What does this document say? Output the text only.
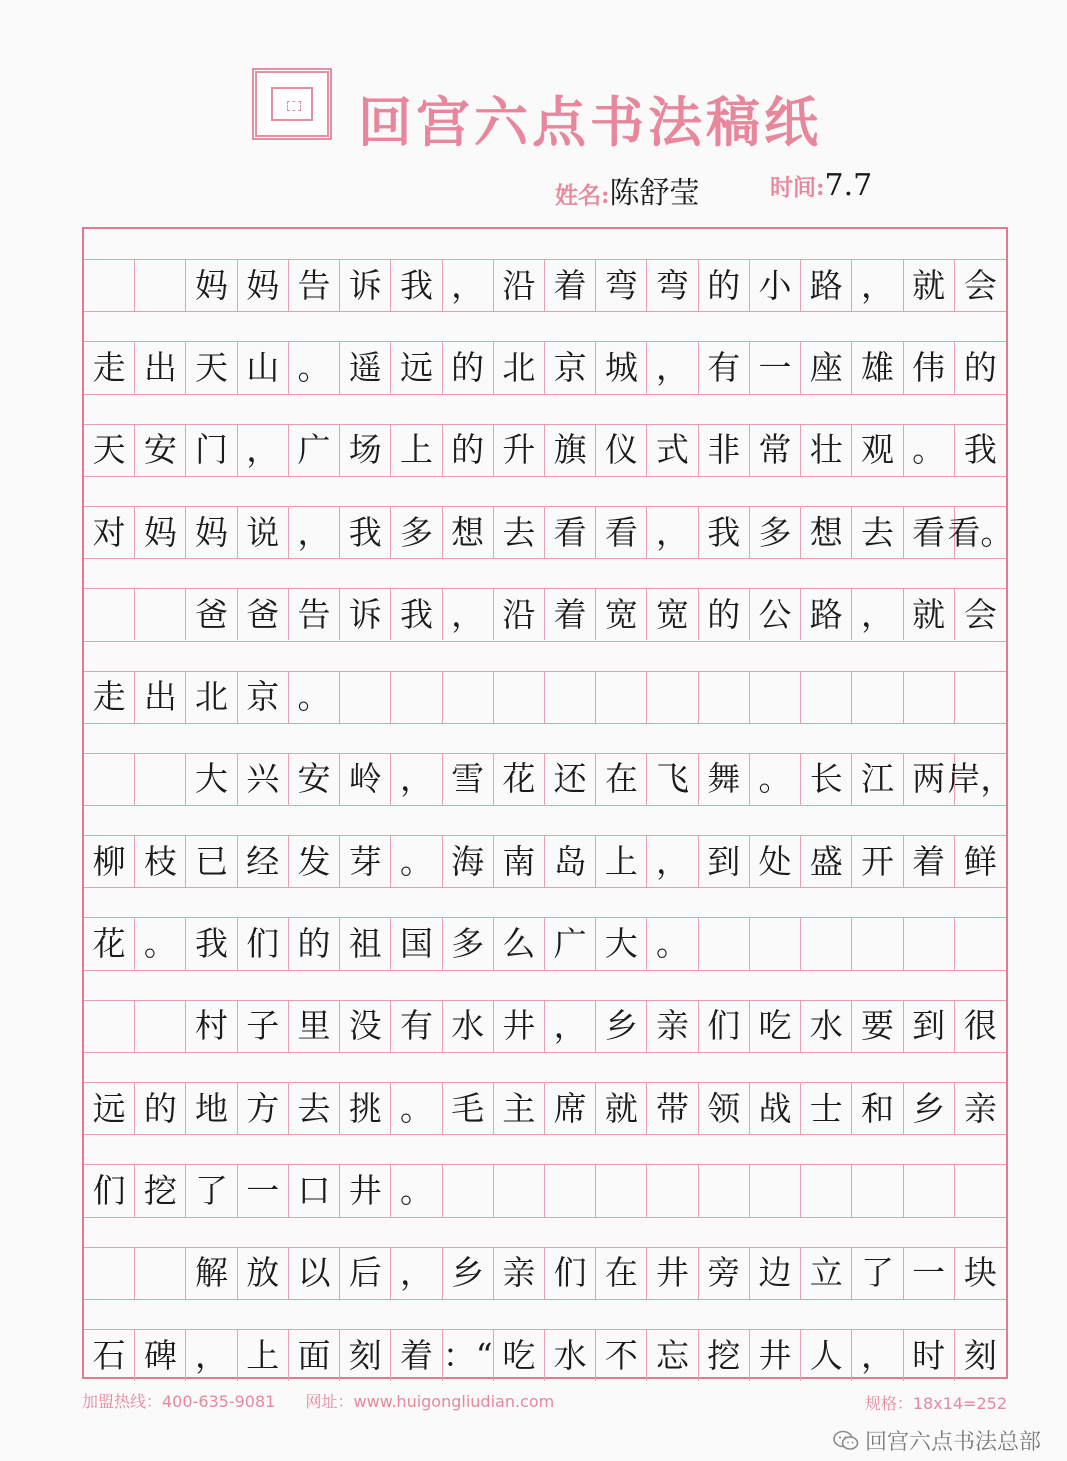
回宫六点书法稿纸
姓名:陈舒莹	时间:7.7
妈 妈 告 诉 我 ， 沿 着 弯 弯 的 小 路 ， 就 会
走 出 天 山 。 遥 远 的 北 京 城 ， 有 一 座 雄 伟 的
天 安 门 ， 广 场 上 的 升 旗 仪 式 非 常 壮 观 。 我
对 妈 妈 说 ， 我 多 想 去 看 看 ， 我 多 想 去 看 看。
爸 爸 告 诉 我 ， 沿 着 宽 宽 的 公 路 ， 就 会
走 出 北 京 。
大 兴 安 岭 ， 雪 花 还 在 飞 舞 。 长 江 两 岸，
柳 枝 已 经 发 芽 。 海 南 岛 上 ， 到 处 盛 开 着 鲜
花 。 我 们 的 祖 国 多 么 广 大 。
村 子 里 没 有 水 井 ， 乡 亲 们 吃 水 要 到 很
远 的 地 方 去 挑 。 毛 主 席 就 带 领 战 士 和 乡 亲
们 挖 了 一 口 井 。
解 放 以 后 ， 乡 亲 们 在 井 旁 边 立 了 一 块
石 碑 ， 上 面 刻 着 ：“ 吃 水 不 忘 挖 井 人 ， 时 刻
加盟热线：400-635-9081 网址：www.huigongliudian.com	规格：18x14=252
回宫六点书法总部
